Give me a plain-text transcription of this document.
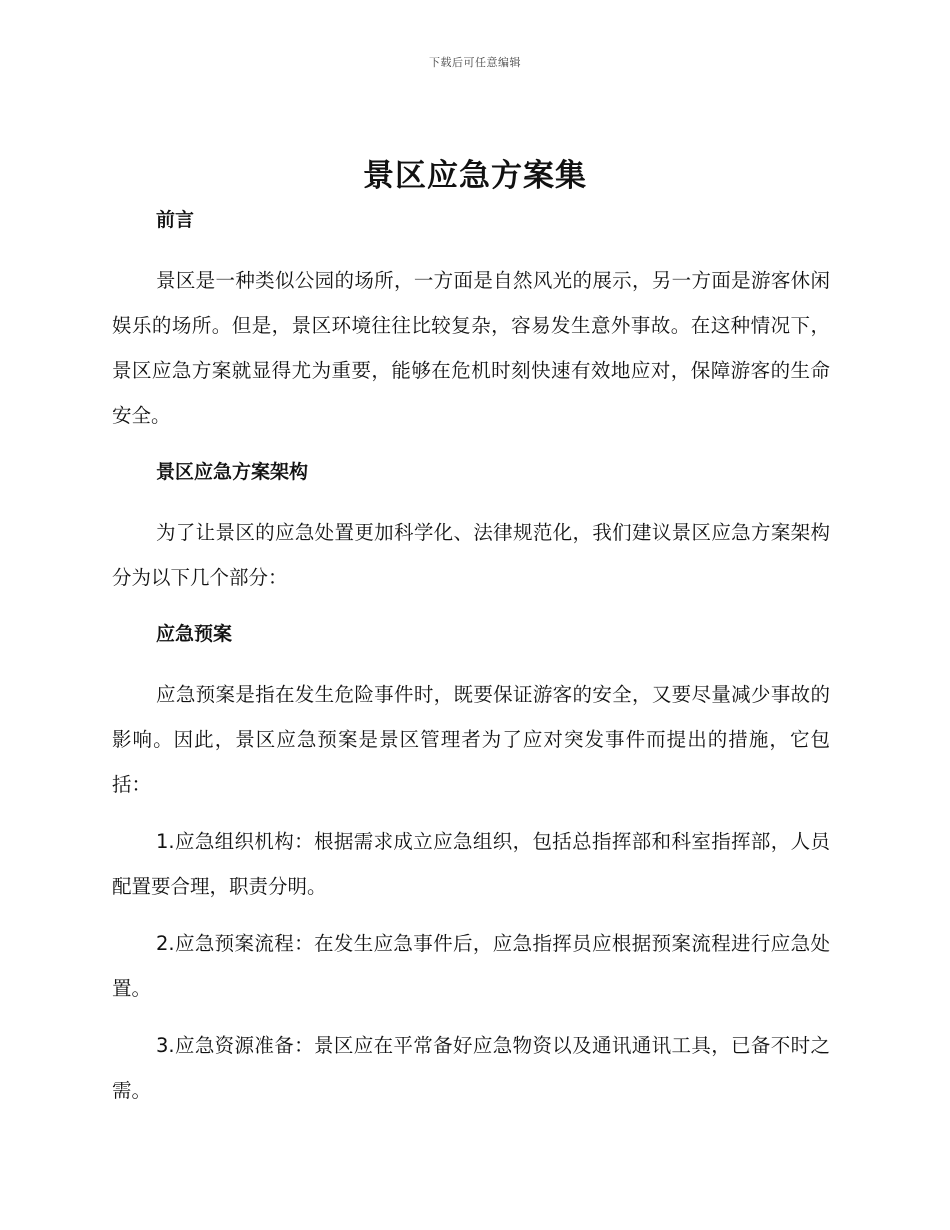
下载后可任意编辑
景区应急方案集
前言

景区是一种类似公园的场所，一方面是自然风光的展示，另一方面是游客休闲娱乐的场所。但是，景区环境往往比较复杂，容易发生意外事故。在这种情况下，景区应急方案就显得尤为重要，能够在危机时刻快速有效地应对，保障游客的生命安全。

景区应急方案架构

为了让景区的应急处置更加科学化、法律规范化，我们建议景区应急方案架构分为以下几个部分：

应急预案

应急预案是指在发生危险事件时，既要保证游客的安全，又要尽量减少事故的影响。因此，景区应急预案是景区管理者为了应对突发事件而提出的措施，它包括：

1.应急组织机构：根据需求成立应急组织，包括总指挥部和科室指挥部，人员配置要合理，职责分明。

2.应急预案流程：在发生应急事件后，应急指挥员应根据预案流程进行应急处置。

3.应急资源准备：景区应在平常备好应急物资以及通讯通讯工具，已备不时之需。
